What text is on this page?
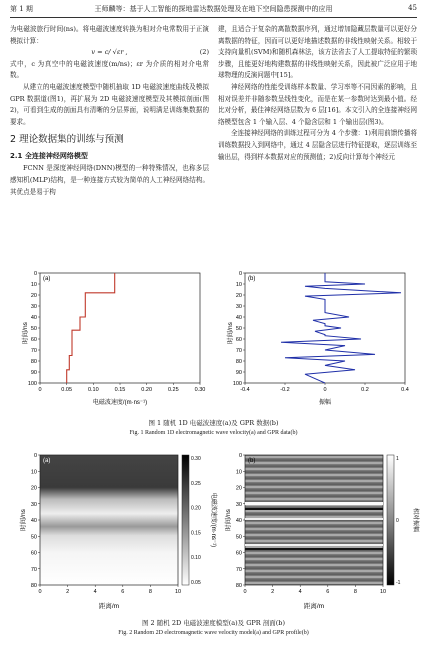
第 1 期	王师麟等：基于人工智能的探地雷达数据处理及在地下空间隐患探测中的应用	45

为电磁波旅行时间(ns)。将电磁波速度转换为相对介电常数用于正演模拟计算：

v = c/ √εr ,	(2)

式中，c 为真空中的电磁波速度(m/ns)；εr 为介质的相对介电常数。

从建立的电磁波速度模型中随机抽取 1D 电磁波速度曲线及模拟 GPR 数据道(图1)，再扩展为 2D 电磁波速度模型及其模拟剖面(图2)，可看到生成的剖面具有清晰的分层界面，说明满足训练集数据的要求。

2 理论数据集的训练与预测
2.1 全连接神经网络模型

FCNN 是深度神经网络(DNN)模型的一种特殊情况，也称多层感知机(MLP)结构，是一种连接方式较为简单的人工神经网络结构。其优点是易于构

建，且适合于复杂的离散数据序列，通过增加隐藏层数量可以更好分离数据的特征，因而可以更好地描述数据的非线性映射关系。相较于支持向量机(SVM)和随机森林法，该方法省去了人工提取特征的繁琐步骤，且能更好地构建数据的非线性映射关系，因此被广泛应用于地球物理的反演问题中[15]。

神经网络的性能受训练样本数量、学习率等不同因素的影响，且相对误差并非随参数呈线性变化，而是在某一参数时达到最小值。经比对分析，最佳神经网络层数为 6 层[16]。本文引入的全连接神经网络模型包含 1 个输入层、4 个隐含层和 1 个输出层(图3)。

全连接神经网络的训练过程可分为 4 个步骤：1)利用前馈传播将训练数据投入到网络中，通过 4 层隐含层进行特征提取，逐层训练至输出层，得到样本数据对应的预测值；2)反向计算每个神经元

(a)
0
10
20
30
40
50
60
70
80
90
100
0	0.05	0.10	0.15	0.20	0.25	0.30
时间/ns
电磁波速度/(m·ns⁻¹)
(b)
0
10
20
30
40
50
60
70
80
90
100
-0.4	-0.2	0	0.2	0.4
时间/ns
振幅
图 1 随机 1D 电磁波速度(a)及 GPR 数据(b)
Fig. 1 Random 1D electromagnetic wave velocity(a) and GPR data(b)
(a)	0.30
0.25
0.20
0.15
0.10
0.05
电磁波速度/(m·ns⁻¹)
0
10
20
30
40
50
60
70
80
0	2	4	6	8	10
时间/ns
距离/m
(b)	1
0
-1
相对振幅
0
10
20
30
40
50
60
70
80
0	2	4	6	8	10
时间/ns
距离/m
图 2 随机 2D 电磁波速度模型(a)及 GPR 剖面(b)
Fig. 2 Random 2D electromagnetic wave velocity model(a) and GPR profile(b)
